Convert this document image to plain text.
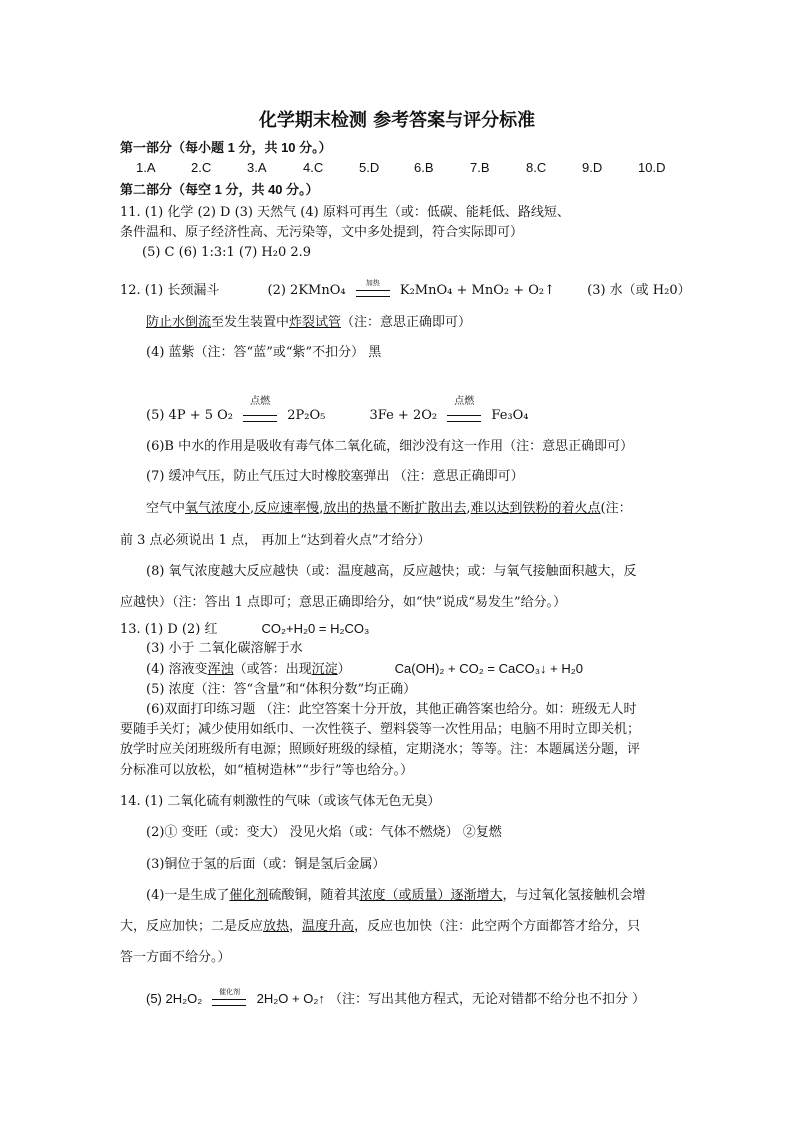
化学期末检测 参考答案与评分标准
第一部分（每小题 1 分，共 10 分。）
1.A	2.C	3.A	4.C	5.D	6.B	7.B	8.C	9.D	10.D
第二部分（每空 1 分，共 40 分。）
11. (1) 化学 (2) D (3) 天然气 (4) 原料可再生（或：低碳、能耗低、路线短、
条件温和、原子经济性高、无污染等，文中多处提到，符合实际即可）
(5) C (6) 1:3:1 (7) H₂0 2.9
12. (1) 长颈漏斗	(2) 2KMnO₄	加热	K₂MnO₄ + MnO₂ + O₂↑ (3) 水（或 H₂0）
防止水倒流至发生装置中炸裂试管（注：意思正确即可）
(4) 蓝紫（注：答“蓝”或“紫”不扣分） 黑
(5) 4P + 5 O₂
点燃
2P₂O₅	3Fe + 2O₂
点燃
Fe₃O₄
(6)B 中水的作用是吸收有毒气体二氧化硫，细沙没有这一作用（注：意思正确即可）
(7) 缓冲气压，防止气压过大时橡胶塞弹出 （注：意思正确即可）
空气中氧气浓度小,反应速率慢,放出的热量不断扩散出去,难以达到铁粉的着火点(注：
前 3 点必须说出 1 点， 再加上“达到着火点”才给分）
(8) 氧气浓度越大反应越快（或：温度越高，反应越快；或：与氧气接触面积越大，反
应越快）（注：答出 1 点即可；意思正确即给分，如“快”说成“易发生”给分。）
13. (1) D (2) 红	CO₂+H₂0 = H₂CO₃
(3) 小于 二氧化碳溶解于水
(4) 溶液变浑浊（或答：出现沉淀）	Ca(OH)₂ + CO₂ = CaCO₃↓ + H₂0
(5) 浓度（注：答“含量”和“体积分数”均正确）
(6)双面打印练习题 （注：此空答案十分开放，其他正确答案也给分。如：班级无人时
要随手关灯；减少使用如纸巾、一次性筷子、塑料袋等一次性用品；电脑不用时立即关机；
放学时应关闭班级所有电源；照顾好班级的绿植，定期浇水；等等。注：本题属送分题，评
分标准可以放松，如“植树造林”“步行”等也给分。）
14. (1) 二氧化硫有刺激性的气味（或该气体无色无臭）
(2)① 变旺（或：变大） 没见火焰（或：气体不燃烧） ②复燃
(3)铜位于氢的后面（或：铜是氢后金属）
(4)一是生成了催化剂硫酸铜，随着其浓度（或质量）逐渐增大，与过氧化氢接触机会增
大，反应加快；二是反应放热，温度升高，反应也加快（注：此空两个方面都答才给分，只
答一方面不给分。）
(5) 2H₂O₂	催化剂	2H₂O + O₂↑ （注：写出其他方程式，无论对错都不给分也不扣分 ）
